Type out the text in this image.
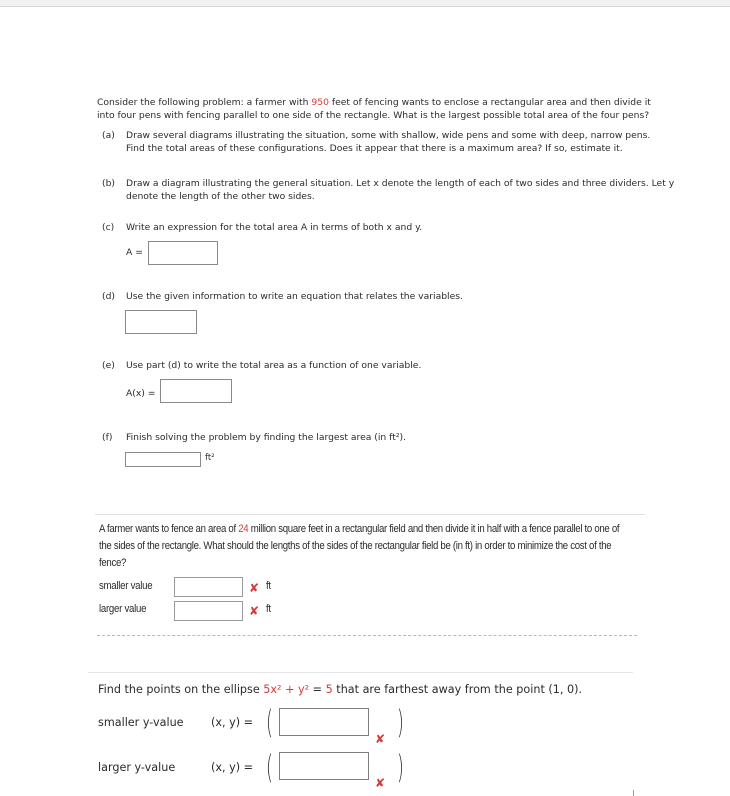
Consider the following problem: a farmer with 950 feet of fencing wants to enclose a rectangular area and then divide it into four pens with fencing parallel to one side of the rectangle. What is the largest possible total area of the four pens?
(a) Draw several diagrams illustrating the situation, some with shallow, wide pens and some with deep, narrow pens. Find the total areas of these configurations. Does it appear that there is a maximum area? If so, estimate it.
(b) Draw a diagram illustrating the general situation. Let x denote the length of each of two sides and three dividers. Let y denote the length of the other two sides.
(c) Write an expression for the total area A in terms of both x and y.
A =
(d) Use the given information to write an equation that relates the variables.
(e) Use part (d) to write the total area as a function of one variable.
A(x) =
(f) Finish solving the problem by finding the largest area (in ft²).
ft²
A farmer wants to fence an area of 24 million square feet in a rectangular field and then divide it in half with a fence parallel to one of the sides of the rectangle. What should the lengths of the sides of the rectangular field be (in ft) in order to minimize the cost of the fence?
smaller value	✘ ft
larger value	✘ ft
Find the points on the ellipse 5x² + y² = 5 that are farthest away from the point (1, 0).
smaller y-value (x, y) = (	✘ )
larger y-value	(x, y) = (	✘ )
